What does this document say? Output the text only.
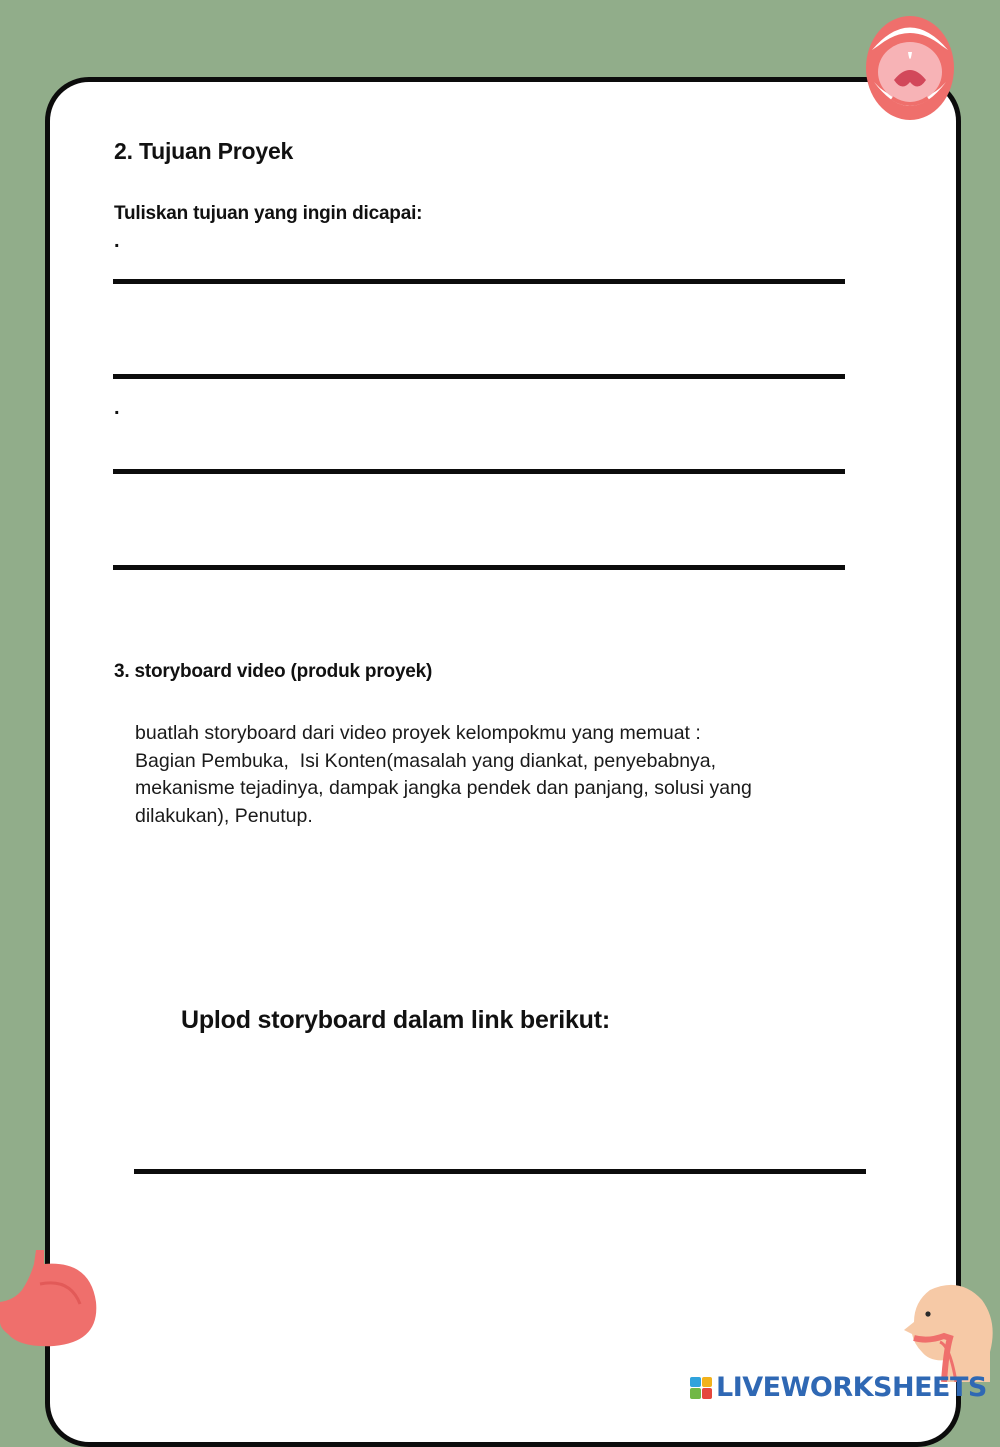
2. Tujuan Proyek
Tuliskan tujuan yang ingin dicapai:
.
.
3. storyboard video (produk proyek)
buatlah storyboard dari video proyek kelompokmu yang memuat :
Bagian Pembuka,  Isi Konten(masalah yang diankat, penyebabnya,
mekanisme tejadinya, dampak jangka pendek dan panjang, solusi yang
dilakukan), Penutup.
Uplod storyboard dalam link berikut:
LIVEWORKSHEETS
